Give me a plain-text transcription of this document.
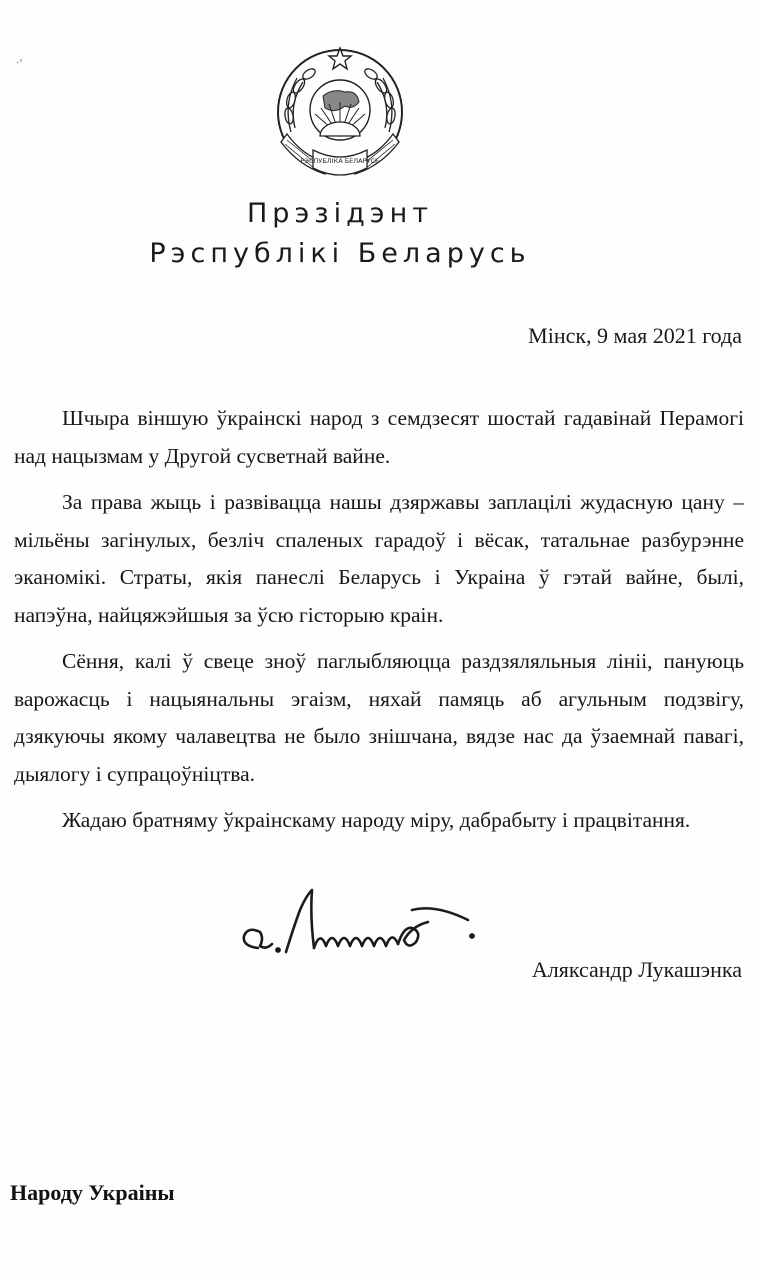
·‘
РЭСПУБЛІКА БЕЛАРУСЬ
Прэзідэнт
Рэспублікі Беларусь
Мінск, 9 мая 2021 года

Шчыра віншую ўкраінскі народ з семдзесят шостай гадавінай Перамогі над нацызмам у Другой сусветнай вайне.

За права жыць і развівацца нашы дзяржавы заплацілі жудасную цану – мільёны загінулых, безліч спаленых гарадоў і вёсак, татальнае разбурэнне эканомікі. Страты, якія панеслі Беларусь і Украіна ў гэтай вайне, былі, напэўна, найцяжэйшыя за ўсю гісторыю краін.

Сёння, калі ў свеце зноў паглыбляюцца раздзяляльныя лініі, пануюць варожасць і нацыянальны эгаізм, няхай памяць аб агульным подзвігу, дзякуючы якому чалавецтва не было знішчана, вядзе нас да ўзаемнай павагі, дыялогу і супрацоўніцтва.

Жадаю братняму ўкраінскаму народу міру, дабрабыту і працвітання.

Аляксандр Лукашэнка
Народу Украіны
